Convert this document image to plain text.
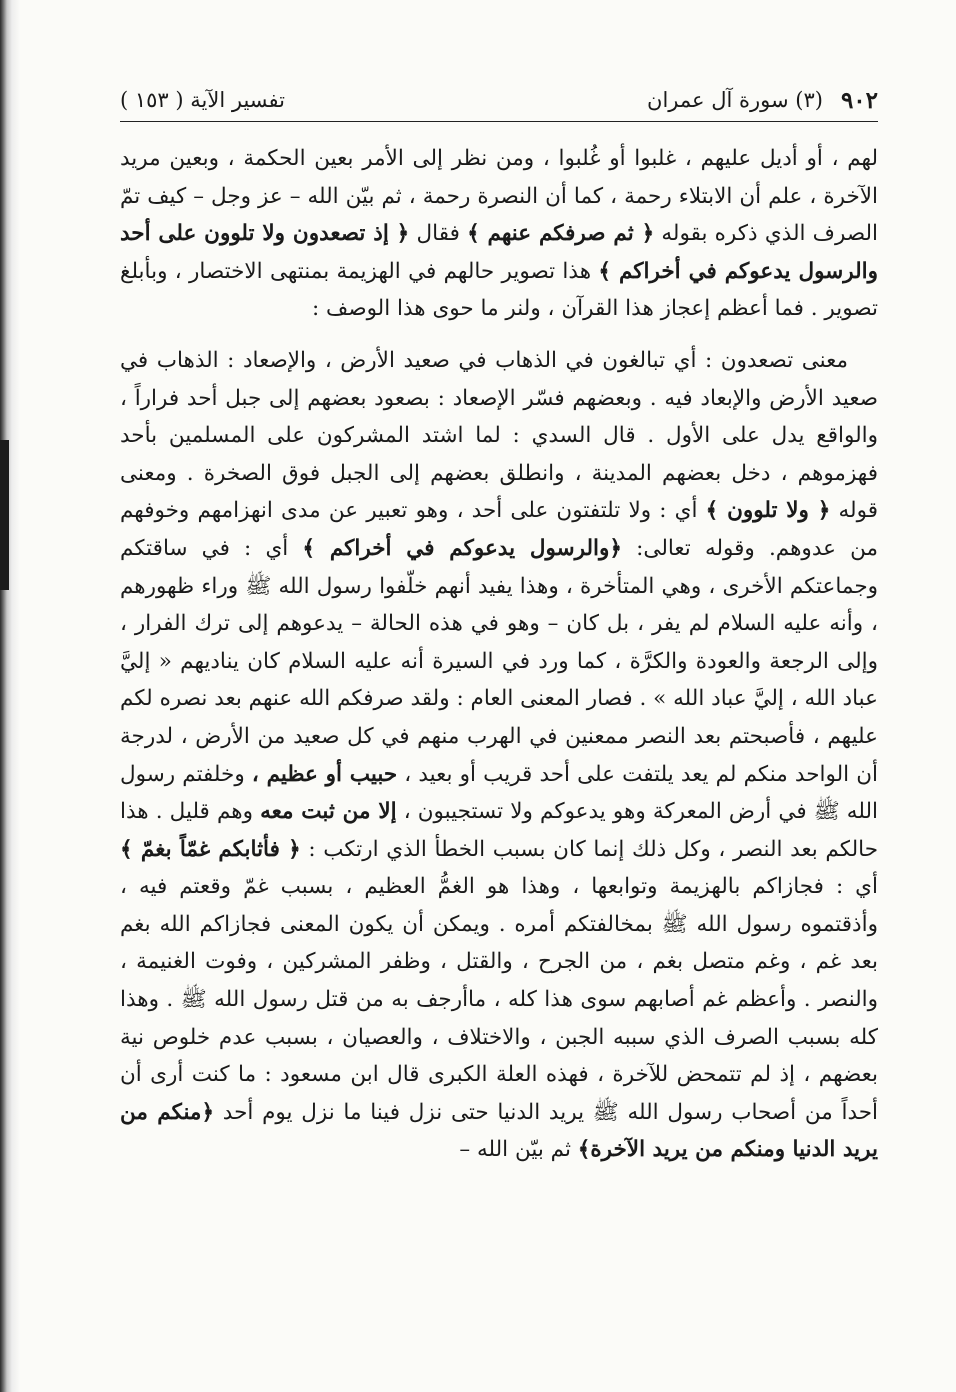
٩٠٢
(٣) سورة آل عمران
تفسير الآية ( ١٥٣ )

لهم ، أو أديل عليهم ، غلبوا أو غُلبوا ، ومن نظر إلى الأمر بعين الحكمة ، وبعين مريد الآخرة ، علم أن الابتلاء رحمة ، كما أن النصرة رحمة ، ثم بيّن الله – عز وجل – كيف تمّ الصرف الذي ذكره بقوله ﴿ ثم صرفكم عنهم ﴾ فقال ﴿ إذ تصعدون ولا تلوون على أحد والرسول يدعوكم في أخراكم ﴾ هذا تصوير حالهم في الهزيمة بمنتهى الاختصار ، وبأبلغ تصوير . فما أعظم إعجاز هذا القرآن ، ولنر ما حوى هذا الوصف :

معنى تصعدون : أي تبالغون في الذهاب في صعيد الأرض ، والإصعاد : الذهاب في صعيد الأرض والإبعاد فيه . وبعضهم فسّر الإصعاد : بصعود بعضهم إلى جبل أحد فراراً ، والواقع يدل على الأول . قال السدي : لما اشتد المشركون على المسلمين بأحد فهزموهم ، دخل بعضهم المدينة ، وانطلق بعضهم إلى الجبل فوق الصخرة . ومعنى قوله ﴿ ولا تلوون ﴾ أي : ولا تلتفتون على أحد ، وهو تعبير عن مدى انهزامهم وخوفهم من عدوهم. وقوله تعالى: ﴿والرسول يدعوكم في أخراكم ﴾ أي : في ساقتكم وجماعتكم الأخرى ، وهي المتأخرة ، وهذا يفيد أنهم خلّفوا رسول الله ﷺ وراء ظهورهم ، وأنه عليه السلام لم يفر ، بل كان – وهو في هذه الحالة – يدعوهم إلى ترك الفرار ، وإلى الرجعة والعودة والكرَّة ، كما ورد في السيرة أنه عليه السلام كان يناديهم « إليَّ عباد الله ، إليَّ عباد الله » . فصار المعنى العام : ولقد صرفكم الله عنهم بعد نصره لكم عليهم ، فأصبحتم بعد النصر ممعنين في الهرب منهم في كل صعيد من الأرض ، لدرجة أن الواحد منكم لم يعد يلتفت على أحد قريب أو بعيد ، حبيب أو عظيم ، وخلفتم رسول الله ﷺ في أرض المعركة وهو يدعوكم ولا تستجيبون ، إلا من ثبت معه وهم قليل . هذا حالكم بعد النصر ، وكل ذلك إنما كان بسبب الخطأ الذي ارتكب : ﴿ فأثابكم غمّاً بغمّ ﴾ أي : فجازاكم بالهزيمة وتوابعها ، وهذا هو الغمُّ العظيم ، بسبب غمّ وقعتم فيه ، وأذقتموه رسول الله ﷺ بمخالفتكم أمره . ويمكن أن يكون المعنى فجازاكم الله بغم بعد غم ، وغم متصل بغم ، من الجرح ، والقتل ، وظفر المشركين ، وفوت الغنيمة ، والنصر . وأعظم غم أصابهم سوى هذا كله ، ماأرجف به من قتل رسول الله ﷺ . وهذا كله بسبب الصرف الذي سببه الجبن ، والاختلاف ، والعصيان ، بسبب عدم خلوص نية بعضهم ، إذ لم تتمحض للآخرة ، فهذه العلة الكبرى قال ابن مسعود : ما كنت أرى أن أحداً من أصحاب رسول الله ﷺ يريد الدنيا حتى نزل فينا ما نزل يوم أحد ﴿منكم من يريد الدنيا ومنكم من يريد الآخرة﴾ ثم بيّن الله –
